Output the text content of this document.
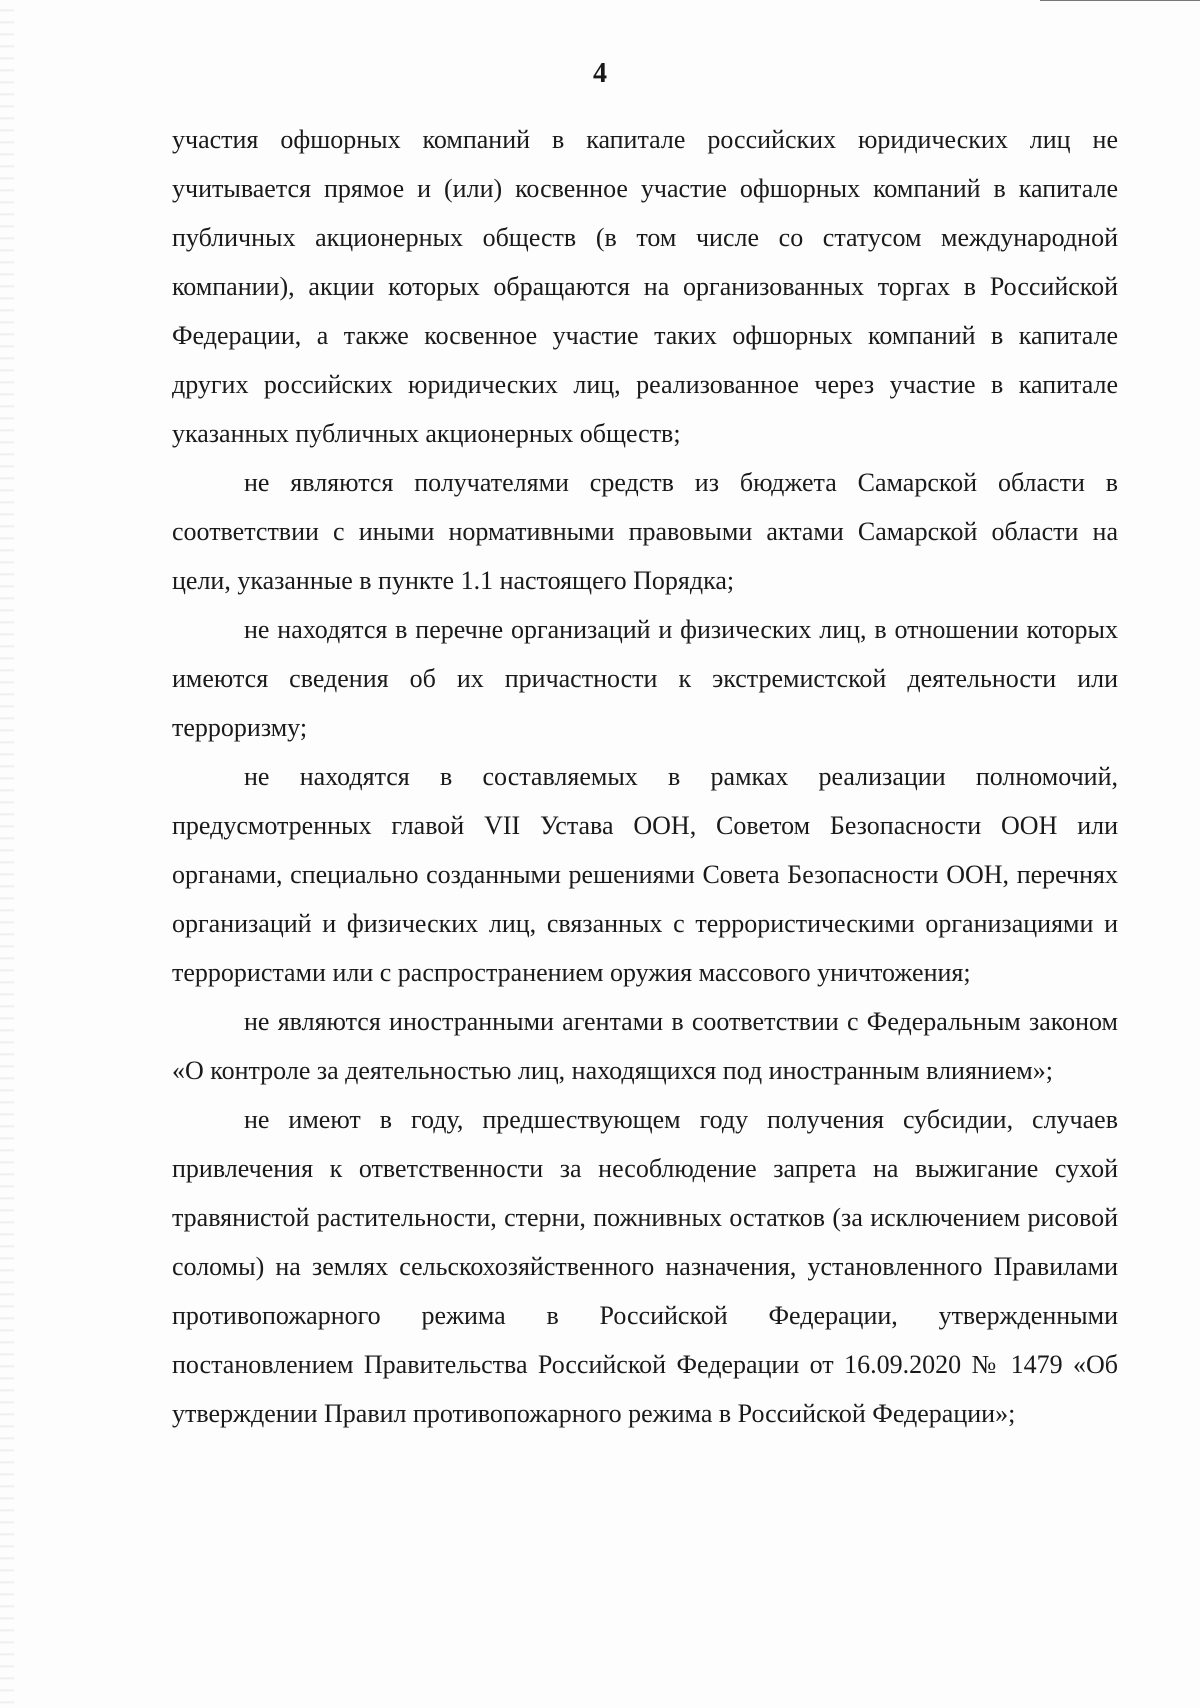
4

участия офшорных компаний в капитале российских юридических лиц не учитывается прямое и (или) косвенное участие офшорных компаний в капитале публичных акционерных обществ (в том числе со статусом международной компании), акции которых обращаются на организованных торгах в Российской Федерации, а также косвенное участие таких офшорных компаний в капитале других российских юридических лиц, реализованное через участие в капитале указанных публичных акционерных обществ;

не являются получателями средств из бюджета Самарской области в соответствии с иными нормативными правовыми актами Самарской области на цели, указанные в пункте 1.1 настоящего Порядка;

не находятся в перечне организаций и физических лиц, в отношении которых имеются сведения об их причастности к экстремистской деятельности или терроризму;

не находятся в составляемых в рамках реализации полномочий, предусмотренных главой VII Устава ООН, Советом Безопасности ООН или органами, специально созданными решениями Совета Безопасности ООН, перечнях организаций и физических лиц, связанных с террористическими организациями и террористами или с распространением оружия массового уничтожения;

не являются иностранными агентами в соответствии с Федеральным законом «О контроле за деятельностью лиц, находящихся под иностранным влиянием»;

не имеют в году, предшествующем году получения субсидии, случаев привлечения к ответственности за несоблюдение запрета на выжигание сухой травянистой растительности, стерни, пожнивных остатков (за исключением рисовой соломы) на землях сельскохозяйственного назначения, установленного Правилами противопожарного режима в Российской Федерации, утвержденными постановлением Правительства Российской Федерации от 16.09.2020 № 1479 «Об утверждении Правил противопожарного режима в Российской Федерации»;
